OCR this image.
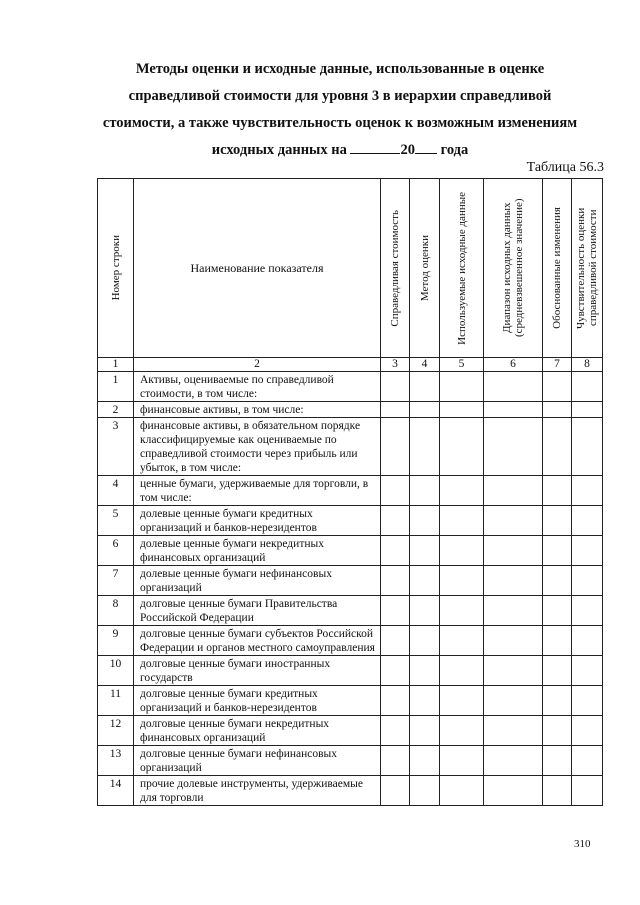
Методы оценки и исходные данные, использованные в оценке
справедливой стоимости для уровня 3 в иерархии справедливой
стоимости, а также чувствительность оценок к возможным изменениям
исходных данных на	20 года
Таблица 56.3
Номер строки	Наименование показателя	Справедливая стоимость	Метод оценки	Используемые исходные данные	Диапазон исходных данных (средневзвешенное значение)	Обоснованные изменения	Чувствительность оценки справедливой стоимости

1	2	3	4	5	6	7	8
1	Активы, оцениваемые по справедливой стоимости, в том числе:						
2	финансовые активы, в том числе:						
3	финансовые активы, в обязательном порядке классифицируемые как оцениваемые по справедливой стоимости через прибыль или убыток, в том числе:						
4	ценные бумаги, удерживаемые для торговли, в том числе:						
5	долевые ценные бумаги кредитных организаций и банков-нерезидентов						
6	долевые ценные бумаги некредитных финансовых организаций						
7	долевые ценные бумаги нефинансовых организаций						
8	долговые ценные бумаги Правительства Российской Федерации						
9	долговые ценные бумаги субъектов Российской Федерации и органов местного самоуправления						
10	долговые ценные бумаги иностранных государств						
11	долговые ценные бумаги кредитных организаций и банков-нерезидентов						
12	долговые ценные бумаги некредитных финансовых организаций						
13	долговые ценные бумаги нефинансовых организаций						
14	прочие долевые инструменты, удерживаемые для торговли						
310
